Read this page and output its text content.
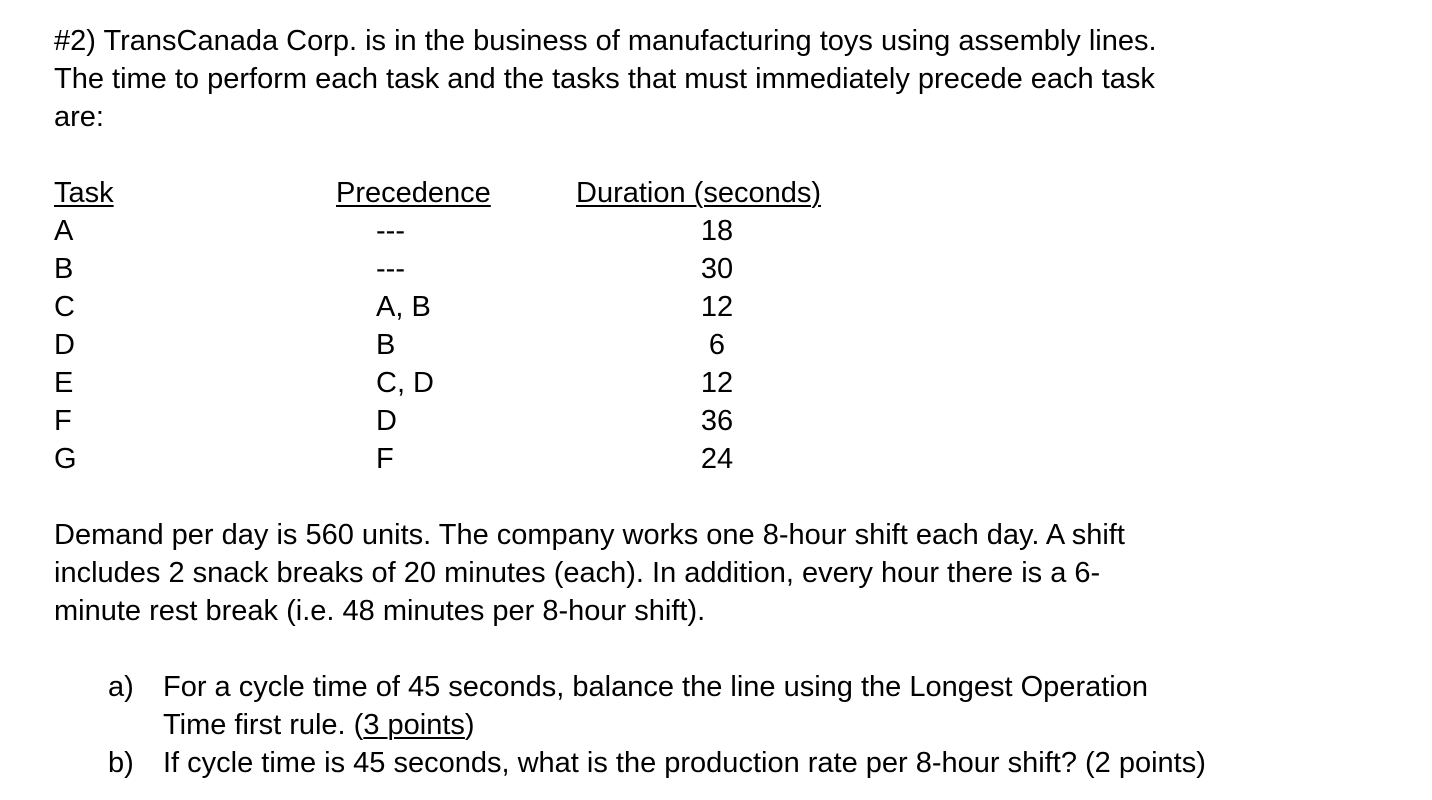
#2) TransCanada Corp. is in the business of manufacturing toys using assembly lines.
The time to perform each task and the tasks that must immediately precede each task
are:

Task
A
B
C
D
E
F
G
Precedence
---
---
A, B
B
C, D
D
F
Duration (seconds)
18
30
12
6
12
36
24

Demand per day is 560 units. The company works one 8-hour shift each day. A shift
includes 2 snack breaks of 20 minutes (each). In addition, every hour there is a 6-
minute rest break (i.e. 48 minutes per 8-hour shift).

a) For a cycle time of 45 seconds, balance the line using the Longest Operation
Time first rule. (3 points)
b) If cycle time is 45 seconds, what is the production rate per 8-hour shift? (2 points)
